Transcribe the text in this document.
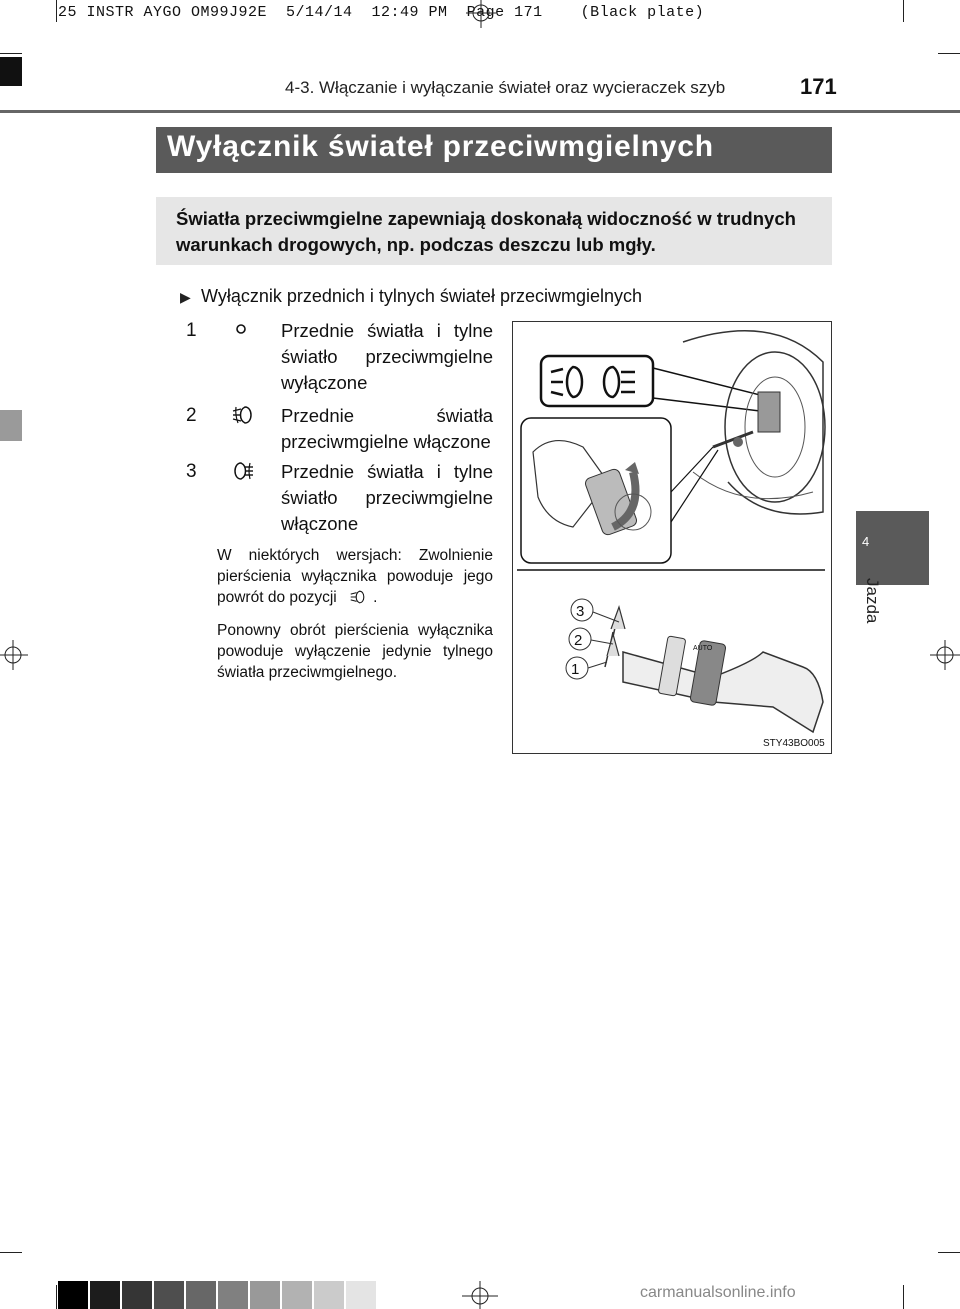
25 INSTR AYGO OM99J92E  5/14/14  12:49 PM  Page 171    (Black plate)
4-3. Włączanie i wyłączanie świateł oraz wycieraczek szyb	171
Wyłącznik świateł przeciwmgielnych
Światła przeciwmgielne zapewniają doskonałą widoczność w trudnych warunkach drogowych, np. podczas deszczu lub mgły.
▶ Wyłącznik przednich i tylnych świateł przeciwmgielnych
1	Przednie światła i tylne światło przeciwmgielne wyłączone
2	Przednie światła przeciwmgielne włączone
3	Przednie światła i tylne światło przeciwmgielne włączone
W niektórych wersjach: Zwolnienie pierścienia wyłącznika powoduje jego powrót do pozycji .
Ponowny obrót pierścienia wyłącznika powoduje wyłączenie jedynie tylnego światła przeciwmgielnego.
AUTO
3
2
1
STY43BO005
4
Jazda
carmanualsonline.info
